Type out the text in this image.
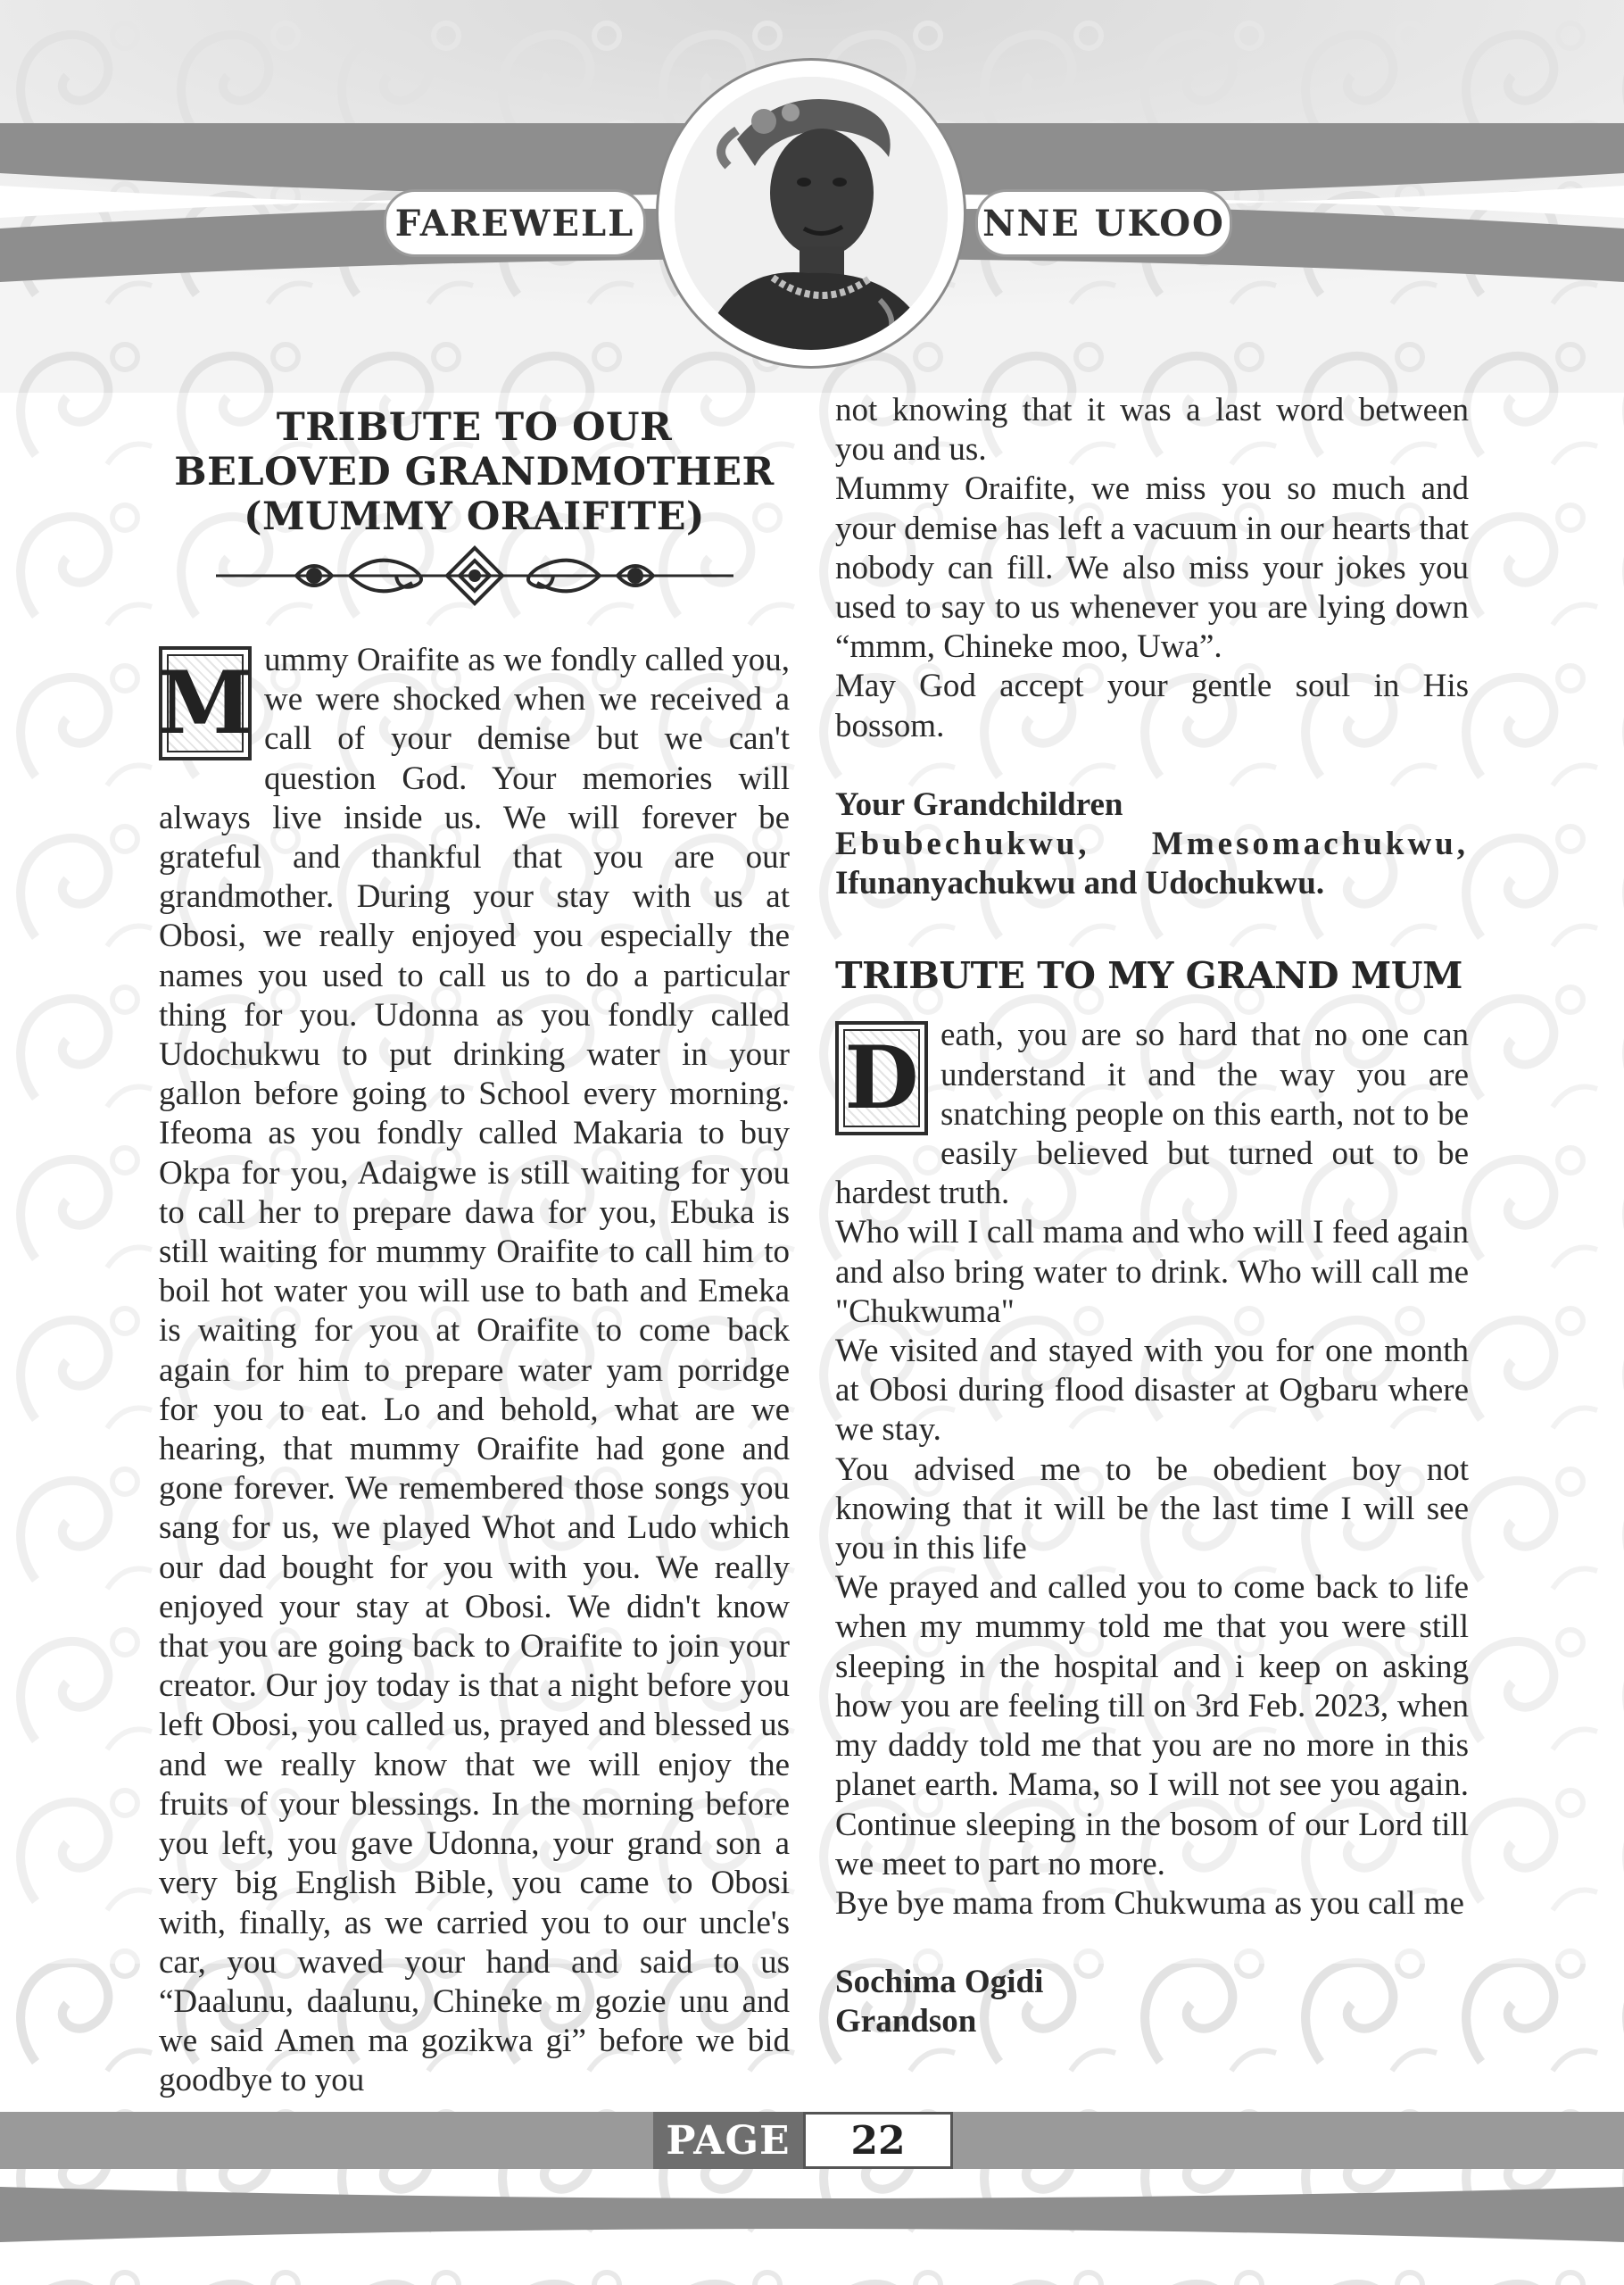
FAREWELL	NNE UKOO
TRIBUTE TO OUR
BELOVED GRANDMOTHER
(MUMMY ORAIFITE)

M ummy Oraifite as we fondly called you, we were shocked when we received a call of your demise but we can't question God. Your memories will always live inside us. We will forever be grateful and thankful that you are our grandmother. During your stay with us at Obosi, we really enjoyed you especially the names you used to call us to do a particular thing for you. Udonna as you fondly called Udochukwu to put drinking water in your gallon before going to School every morning. Ifeoma as you fondly called Makaria to buy Okpa for you, Adaigwe is still waiting for you to call her to prepare dawa for you, Ebuka is still waiting for mummy Oraifite to call him to boil hot water you will use to bath and Emeka is waiting for you at Oraifite to come back again for him to prepare water yam porridge for you to eat. Lo and behold, what are we hearing, that mummy Oraifite had gone and gone forever. We remembered those songs you sang for us, we played Whot and Ludo which our dad bought for you with you. We really enjoyed your stay at Obosi. We didn't know that you are going back to Oraifite to join your creator. Our joy today is that a night before you left Obosi, you called us, prayed and blessed us and we really know that we will enjoy the fruits of your blessings. In the morning before you left, you gave Udonna, your grand son a very big English Bible, you came to Obosi with, finally, as we carried you to our uncle's car, you waved your hand and said to us “Daalunu, daalunu, Chineke m gozie unu and we said Amen ma gozikwa gi” before we bid goodbye to you

not knowing that it was a last word between you and us.

Mummy Oraifite, we miss you so much and your demise has left a vacuum in our hearts that nobody can fill. We also miss your jokes you used to say to us whenever you are lying down “mmm, Chineke moo, Uwa”.

May God accept your gentle soul in His bossom.

Your Grandchildren
Ebubechukwu, Mmesomachukwu,
Ifunanyachukwu and Udochukwu.
TRIBUTE TO MY GRAND MUM

D eath, you are so hard that no one can understand it and the way you are snatching people on this earth, not to be easily believed but turned out to be hardest truth.

Who will I call mama and who will I feed again and also bring water to drink. Who will call me "Chukwuma"

We visited and stayed with you for one month at Obosi during flood disaster at Ogbaru where we stay.

You advised me to be obedient boy not knowing that it will be the last time I will see you in this life

We prayed and called you to come back to life when my mummy told me that you were still sleeping in the hospital and i keep on asking how you are feeling till on 3rd Feb. 2023, when my daddy told me that you are no more in this planet earth. Mama, so I will not see you again. Continue sleeping in the bosom of our Lord till we meet to part no more.

Bye bye mama from Chukwuma as you call me

Sochima Ogidi
Grandson
PAGE	22
